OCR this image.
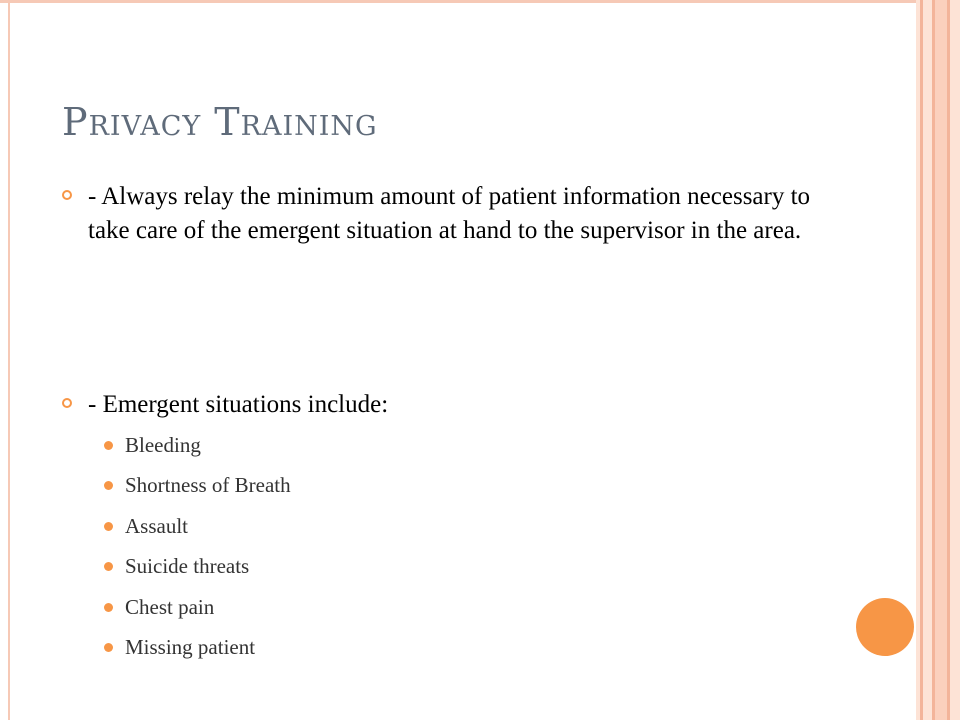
Privacy Training
- Always relay the minimum amount of patient information necessary to take care of the emergent situation at hand to the supervisor in the area.
- Emergent situations include:
Bleeding
Shortness of Breath
Assault
Suicide threats
Chest pain
Missing patient
